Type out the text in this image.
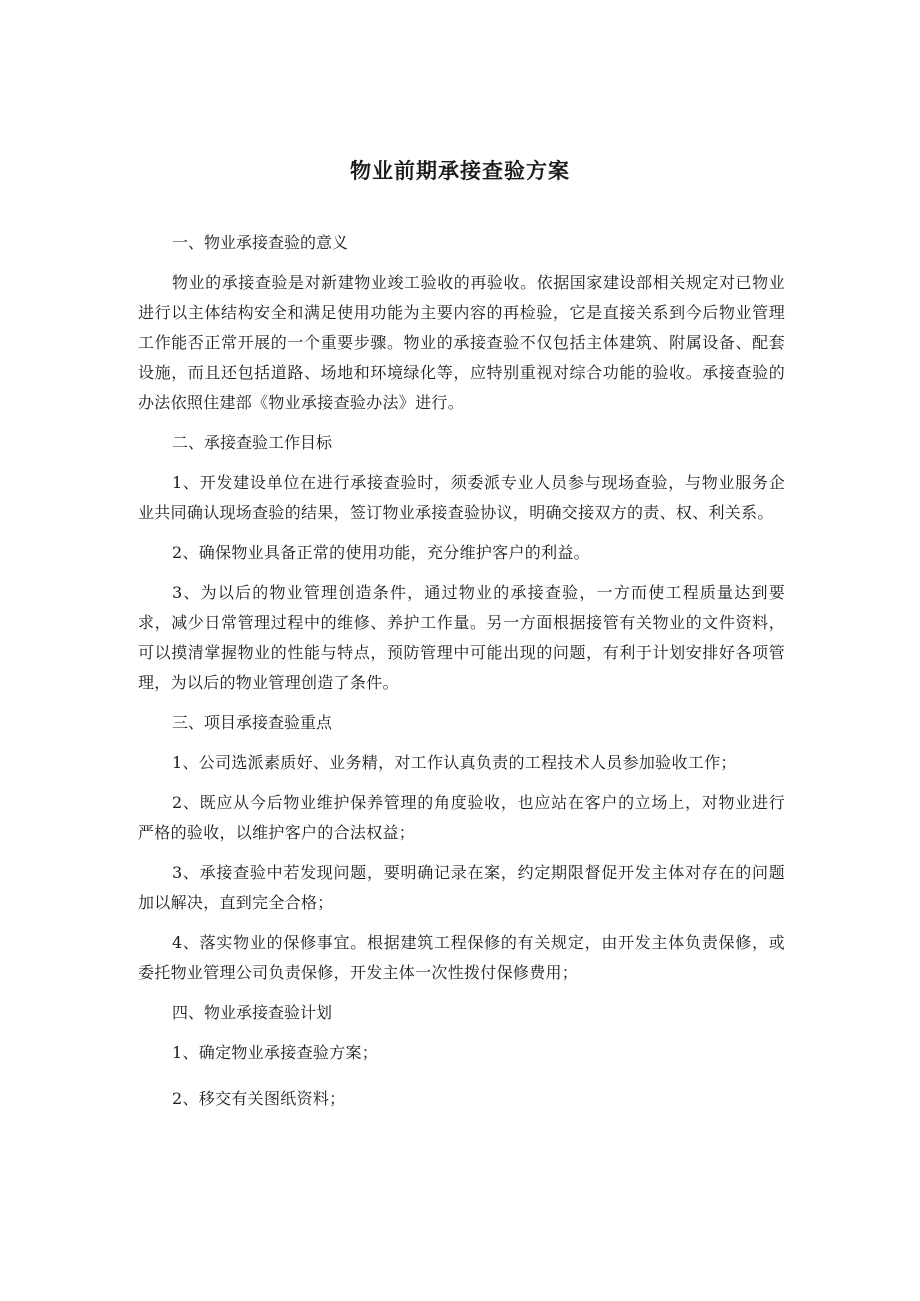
物业前期承接查验方案
一、物业承接查验的意义

物业的承接查验是对新建物业竣工验收的再验收。依据国家建设部相关规定对已物业进行以主体结构安全和满足使用功能为主要内容的再检验，它是直接关系到今后物业管理工作能否正常开展的一个重要步骤。物业的承接查验不仅包括主体建筑、附属设备、配套设施，而且还包括道路、场地和环境绿化等，应特别重视对综合功能的验收。承接查验的办法依照住建部《物业承接查验办法》进行。

二、承接查验工作目标

1、开发建设单位在进行承接查验时，须委派专业人员参与现场查验，与物业服务企业共同确认现场查验的结果，签订物业承接查验协议，明确交接双方的责、权、利关系。

2、确保物业具备正常的使用功能，充分维护客户的利益。

3、为以后的物业管理创造条件，通过物业的承接查验，一方而使工程质量达到要求，减少日常管理过程中的维修、养护工作量。另一方面根据接管有关物业的文件资料，可以摸清掌握物业的性能与特点，预防管理中可能出现的问题，有利于计划安排好各项管理，为以后的物业管理创造了条件。

三、项目承接查验重点

1、公司选派素质好、业务精，对工作认真负责的工程技术人员参加验收工作；

2、既应从今后物业维护保养管理的角度验收，也应站在客户的立场上，对物业进行严格的验收，以维护客户的合法权益；

3、承接查验中若发现问题，要明确记录在案，约定期限督促开发主体对存在的问题加以解决，直到完全合格；

4、落实物业的保修事宜。根据建筑工程保修的有关规定，由开发主体负责保修，或委托物业管理公司负责保修，开发主体一次性拨付保修费用；

四、物业承接查验计划

1、确定物业承接查验方案；

2、移交有关图纸资料；
